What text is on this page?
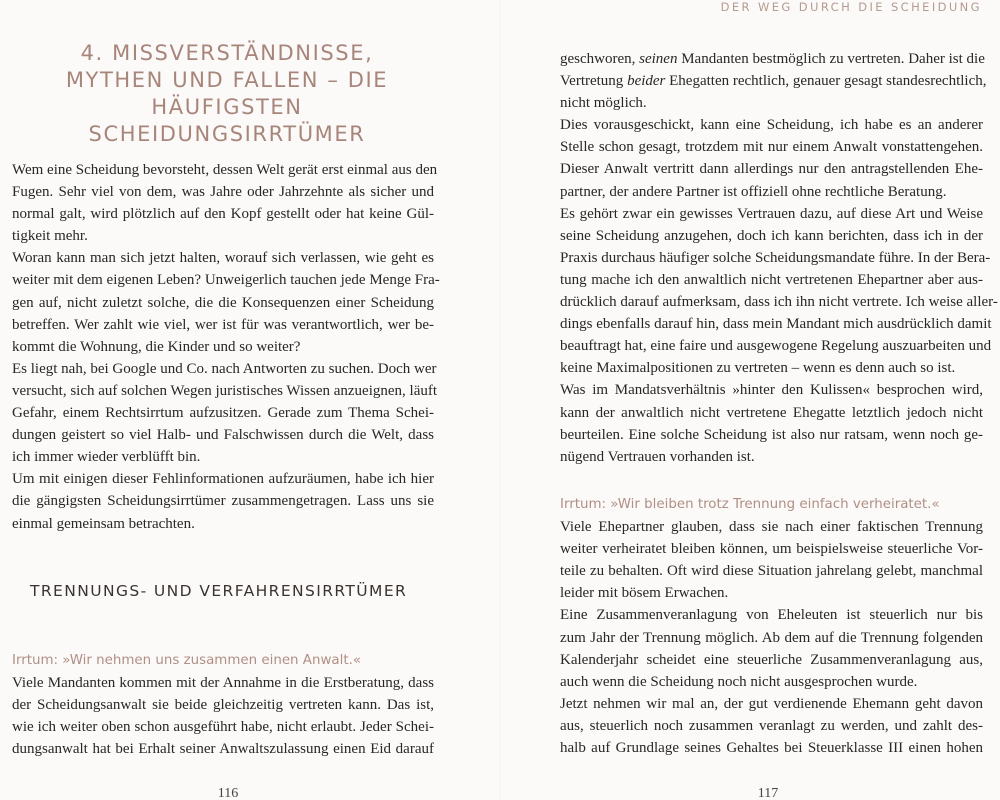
4. MISSVERSTÄNDNISSE,
MYTHEN UND FALLEN – DIE HÄUFIGSTEN
SCHEIDUNGSIRRTÜMER
Wem eine Scheidung bevorsteht, dessen Welt gerät erst einmal aus den
Fugen. Sehr viel von dem, was Jahre oder Jahrzehnte als sicher und
normal galt, wird plötzlich auf den Kopf gestellt oder hat keine Gül-
tigkeit mehr.
Woran kann man sich jetzt halten, worauf sich verlassen, wie geht es
weiter mit dem eigenen Leben? Unweigerlich tauchen jede Menge Fra-
gen auf, nicht zuletzt solche, die die Konsequenzen einer Scheidung
betreffen. Wer zahlt wie viel, wer ist für was verantwortlich, wer be-
kommt die Wohnung, die Kinder und so weiter?
Es liegt nah, bei Google und Co. nach Antworten zu suchen. Doch wer
versucht, sich auf solchen Wegen juristisches Wissen anzueignen, läuft
Gefahr, einem Rechtsirrtum aufzusitzen. Gerade zum Thema Schei-
dungen geistert so viel Halb- und Falschwissen durch die Welt, dass
ich immer wieder verblüfft bin.
Um mit einigen dieser Fehlinformationen aufzuräumen, habe ich hier
die gängigsten Scheidungsirrtümer zusammengetragen. Lass uns sie
einmal gemeinsam betrachten.
TRENNUNGS- UND VERFAHRENSIRRTÜMER
Irrtum: »Wir nehmen uns zusammen einen Anwalt.«
Viele Mandanten kommen mit der Annahme in die Erstberatung, dass
der Scheidungsanwalt sie beide gleichzeitig vertreten kann. Das ist,
wie ich weiter oben schon ausgeführt habe, nicht erlaubt. Jeder Schei-
dungsanwalt hat bei Erhalt seiner Anwaltszulassung einen Eid darauf
116
DER WEG DURCH DIE SCHEIDUNG
geschworen, seinen Mandanten bestmöglich zu vertreten. Daher ist die
Vertretung beider Ehegatten rechtlich, genauer gesagt standesrechtlich,
nicht möglich.
Dies vorausgeschickt, kann eine Scheidung, ich habe es an anderer
Stelle schon gesagt, trotzdem mit nur einem Anwalt vonstattengehen.
Dieser Anwalt vertritt dann allerdings nur den antragstellenden Ehe-
partner, der andere Partner ist offiziell ohne rechtliche Beratung.
Es gehört zwar ein gewisses Vertrauen dazu, auf diese Art und Weise
seine Scheidung anzugehen, doch ich kann berichten, dass ich in der
Praxis durchaus häufiger solche Scheidungsmandate führe. In der Bera-
tung mache ich den anwaltlich nicht vertretenen Ehepartner aber aus-
drücklich darauf aufmerksam, dass ich ihn nicht vertrete. Ich weise aller-
dings ebenfalls darauf hin, dass mein Mandant mich ausdrücklich damit
beauftragt hat, eine faire und ausgewogene Regelung auszuarbeiten und
keine Maximalpositionen zu vertreten – wenn es denn auch so ist.
Was im Mandatsverhältnis »hinter den Kulissen« besprochen wird,
kann der anwaltlich nicht vertretene Ehegatte letztlich jedoch nicht
beurteilen. Eine solche Scheidung ist also nur ratsam, wenn noch ge-
nügend Vertrauen vorhanden ist.
Irrtum: »Wir bleiben trotz Trennung einfach verheiratet.«
Viele Ehepartner glauben, dass sie nach einer faktischen Trennung
weiter verheiratet bleiben können, um beispielsweise steuerliche Vor-
teile zu behalten. Oft wird diese Situation jahrelang gelebt, manchmal
leider mit bösem Erwachen.
Eine Zusammenveranlagung von Eheleuten ist steuerlich nur bis
zum Jahr der Trennung möglich. Ab dem auf die Trennung folgenden
Kalenderjahr scheidet eine steuerliche Zusammenveranlagung aus,
auch wenn die Scheidung noch nicht ausgesprochen wurde.
Jetzt nehmen wir mal an, der gut verdienende Ehemann geht davon
aus, steuerlich noch zusammen veranlagt zu werden, und zahlt des-
halb auf Grundlage seines Gehaltes bei Steuerklasse III einen hohen
117
